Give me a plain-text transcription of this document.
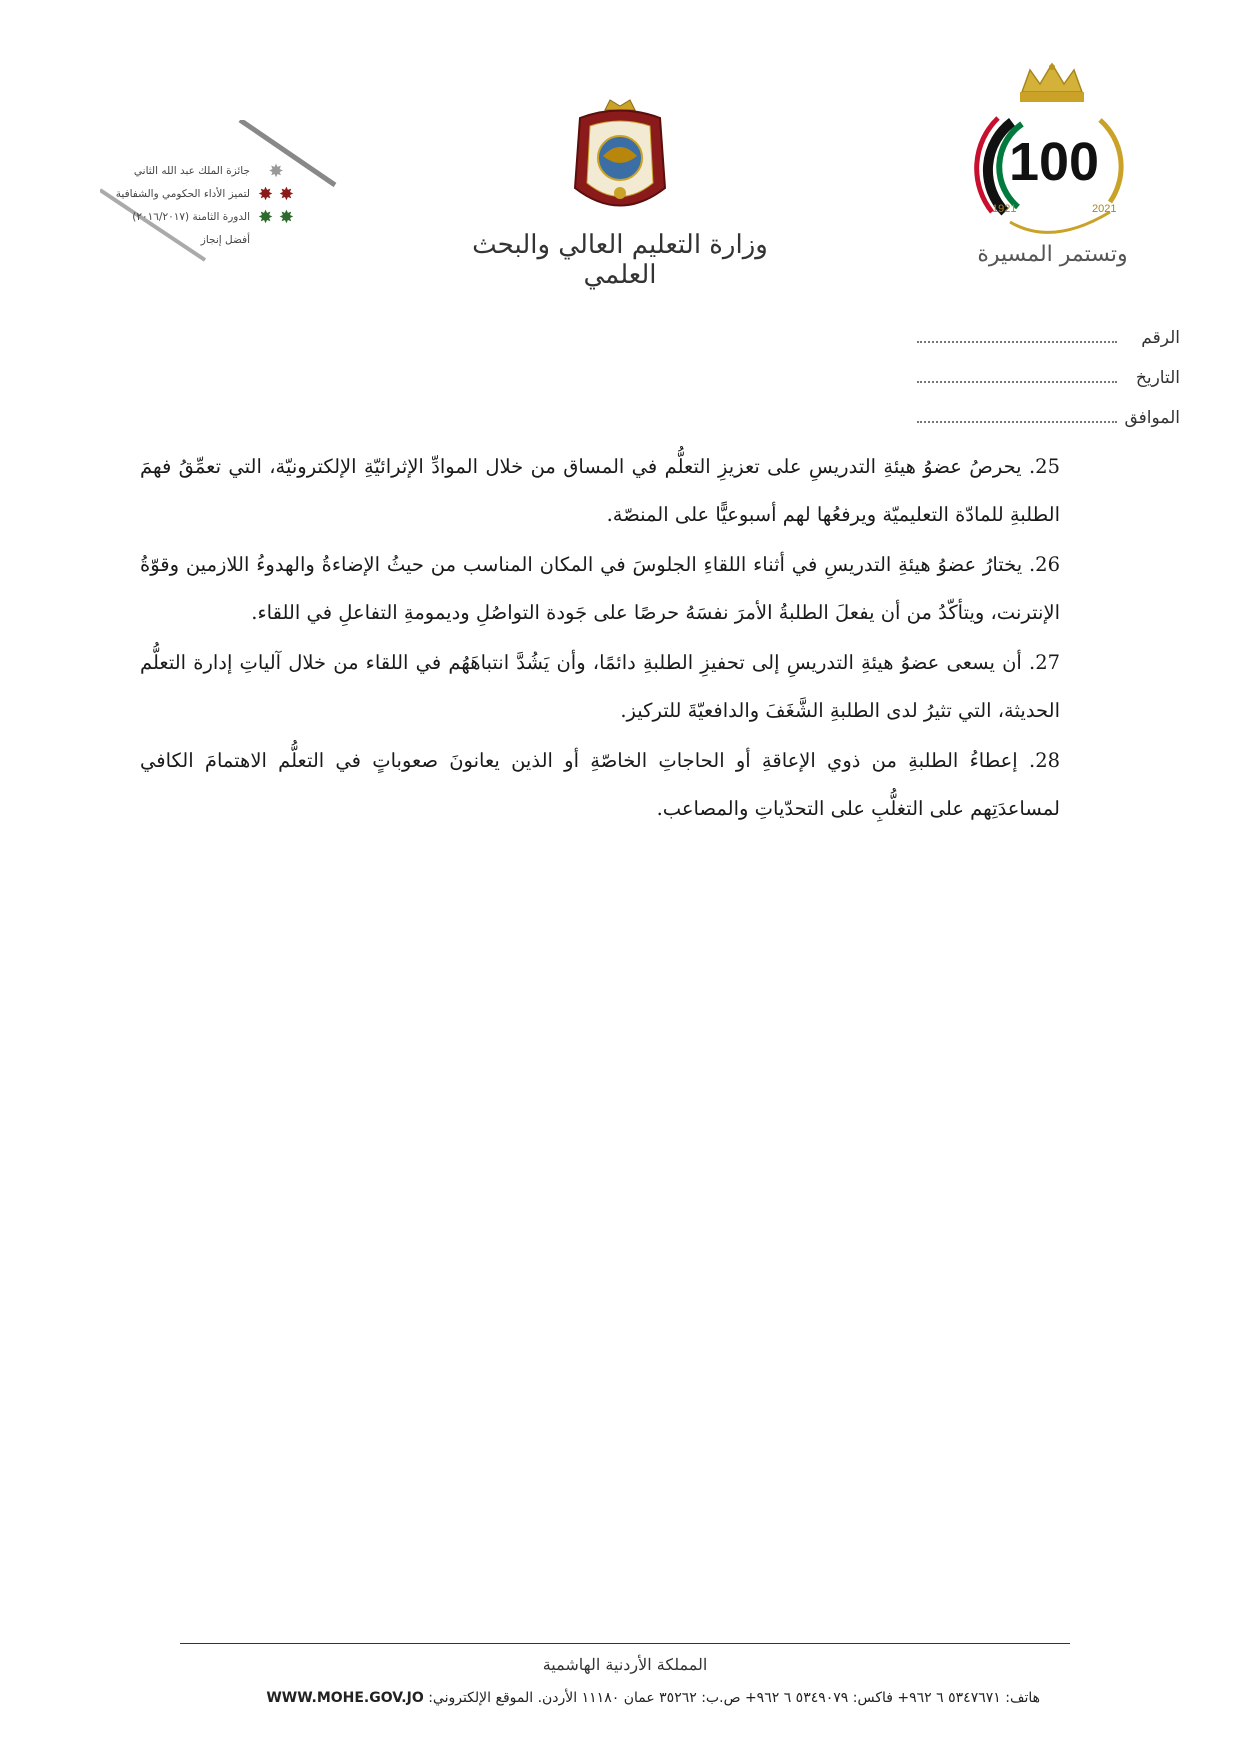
100
1921	2021
وتستمر المسيرة
وزارة التعليم العالي والبحث العلمي
جائزة الملك عبد الله الثاني
لتميز الأداء الحكومي والشفافية
الدورة الثامنة (٢٠١٦/٢٠١٧)
أفضل إنجاز
✸
✸ ✸
✸ ✸
الرقم
التاريخ
الموافق

25. يحرصُ عضوُ هيئةِ التدريسِ على تعزيزِ التعلُّم في المساق من خلال الموادِّ الإثرائيّةِ الإلكترونيّة، التي تعمِّقُ فهمَ الطلبةِ للمادّة التعليميّة ويرفعُها لهم أسبوعيًّا على المنصّة.

26. يختارُ عضوُ هيئةِ التدريسِ في أثناء اللقاءِ الجلوسَ في المكان المناسب من حيثُ الإضاءةُ والهدوءُ اللازمين وقوّةُ الإنترنت، ويتأكّدُ من أن يفعلَ الطلبةُ الأمرَ نفسَهُ حرصًا على جَودة التواصُلِ وديمومةِ التفاعلِ في اللقاء.

27. أن يسعى عضوُ هيئةِ التدريسِ إلى تحفيزِ الطلبةِ دائمًا، وأن يَشُدَّ انتباهَهُم في اللقاء من خلال آلياتِ إدارة التعلُّم الحديثة، التي تثيرُ لدى الطلبةِ الشَّغَفَ والدافعيّةَ للتركيز.

28. إعطاءُ الطلبةِ من ذوي الإعاقةِ أو الحاجاتِ الخاصّةِ أو الذين يعانونَ صعوباتٍ في التعلُّم الاهتمامَ الكافي لمساعدَتِهم على التغلُّبِ على التحدّياتِ والمصاعب.

المملكة الأردنية الهاشمية
هاتف: ٥٣٤٧٦٧١ ٦ ٩٦٢+ فاكس: ٥٣٤٩٠٧٩ ٦ ٩٦٢+ ص.ب: ٣٥٢٦٢ عمان ١١١٨٠ الأردن. الموقع الإلكتروني: WWW.MOHE.GOV.JO
